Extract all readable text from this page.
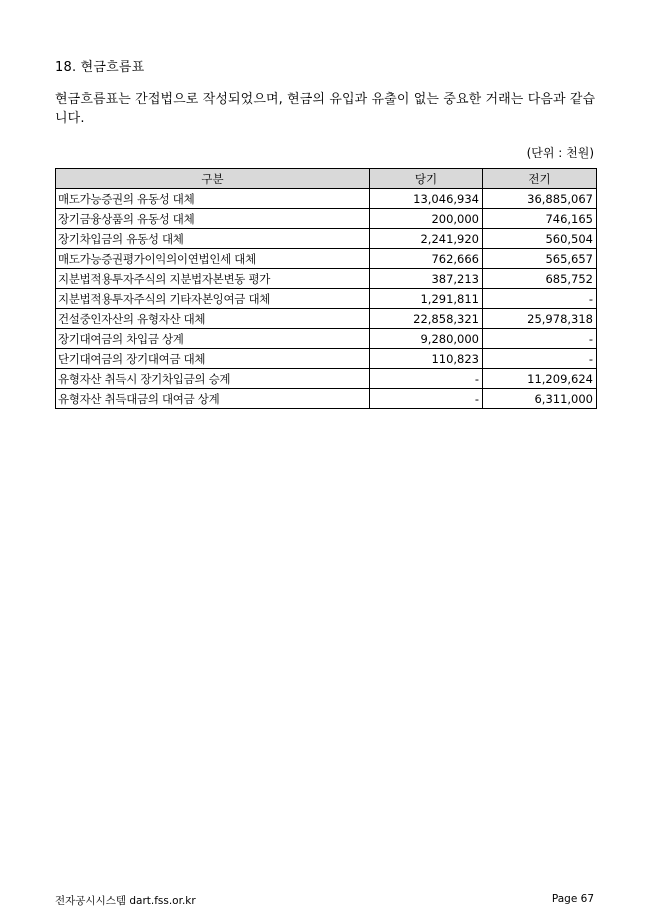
18. 현금흐름표

현금흐름표는 간접법으로 작성되었으며, 현금의 유입과 유출이 없는 중요한 거래는 다음과 같습니다.

(단위 : 천원)

구분	당기	전기
매도가능증권의 유동성 대체	13,046,934	36,885,067
장기금융상품의 유동성 대체	200,000	746,165
장기차입금의 유동성 대체	2,241,920	560,504
매도가능증권평가이익의이연법인세 대체	762,666	565,657
지분법적용투자주식의 지분법자본변동 평가	387,213	685,752
지분법적용투자주식의 기타자본잉여금 대체	1,291,811	-
건설중인자산의 유형자산 대체	22,858,321	25,978,318
장기대여금의 차입금 상계	9,280,000	-
단기대여금의 장기대여금 대체	110,823	-
유형자산 취득시 장기차입금의 승계	-	11,209,624
유형자산 취득대금의 대여금 상계	-	6,311,000

전자공시시스템 dart.fss.or.kr	Page 67
